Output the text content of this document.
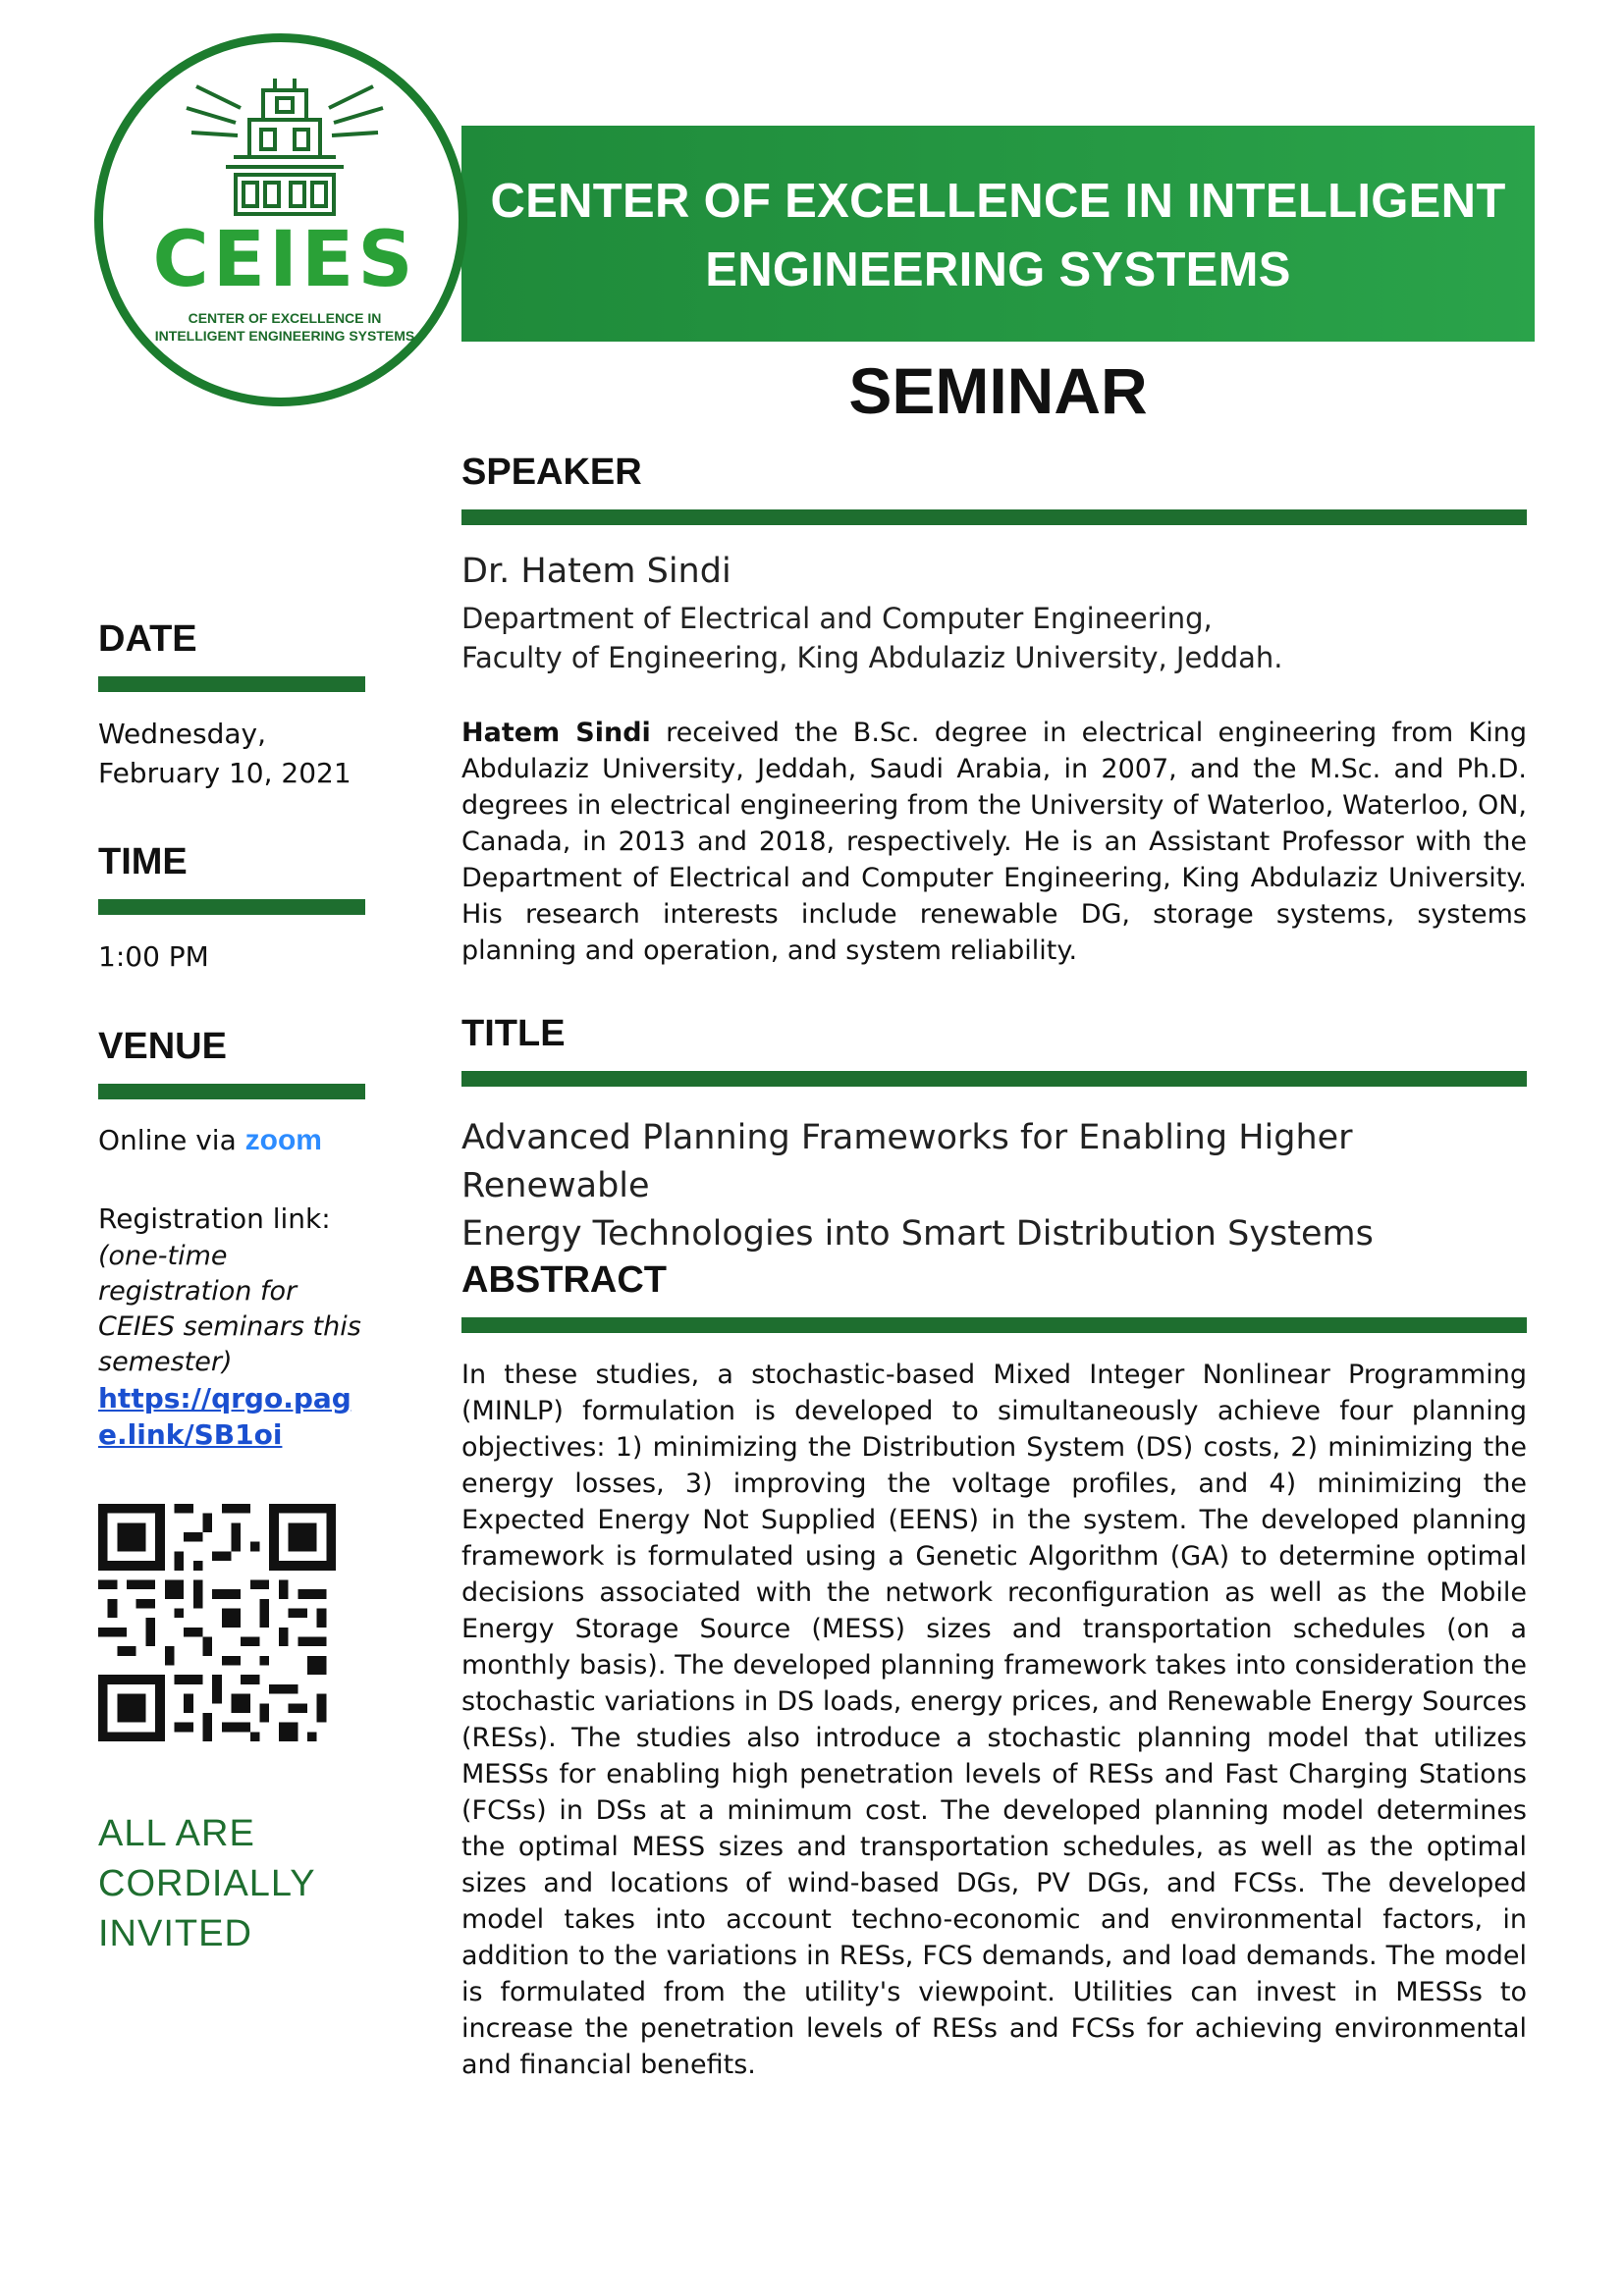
CENTER OF EXCELLENCE IN INTELLIGENT
ENGINEERING SYSTEMS
CEIES
CENTER OF EXCELLENCE IN
INTELLIGENT ENGINEERING SYSTEMS
SEMINAR
DATE
Wednesday,
February 10, 2021
TIME
1:00 PM
VENUE
Online via zoom
Registration link:
(one-time registration for CEIES seminars this semester)
https://qrgo.page.link/SB1oi
ALL ARE
CORDIALLY
INVITED
SPEAKER
Dr. Hatem Sindi
Department of Electrical and Computer Engineering,
Faculty of Engineering, King Abdulaziz University, Jeddah.
Hatem Sindi received the B.Sc. degree in electrical engineering from King Abdulaziz University, Jeddah, Saudi Arabia, in 2007, and the M.Sc. and Ph.D. degrees in electrical engineering from the University of Waterloo, Waterloo, ON, Canada, in 2013 and 2018, respectively. He is an Assistant Professor with the Department of Electrical and Computer Engineering, King Abdulaziz University. His research interests include renewable DG, storage systems, systems planning and operation, and system reliability.
TITLE
Advanced Planning Frameworks for Enabling Higher Renewable
Energy Technologies into Smart Distribution Systems
ABSTRACT
In these studies, a stochastic-based Mixed Integer Nonlinear Programming (MINLP) formulation is developed to simultaneously achieve four planning objectives: 1) minimizing the Distribution System (DS) costs, 2) minimizing the energy losses, 3) improving the voltage profiles, and 4) minimizing the Expected Energy Not Supplied (EENS) in the system. The developed planning framework is formulated using a Genetic Algorithm (GA) to determine optimal decisions associated with the network reconfiguration as well as the Mobile Energy Storage Source (MESS) sizes and transportation schedules (on a monthly basis). The developed planning framework takes into consideration the stochastic variations in DS loads, energy prices, and Renewable Energy Sources (RESs). The studies also introduce a stochastic planning model that utilizes MESSs for enabling high penetration levels of RESs and Fast Charging Stations (FCSs) in DSs at a minimum cost. The developed planning model determines the optimal MESS sizes and transportation schedules, as well as the optimal sizes and locations of wind-based DGs, PV DGs, and FCSs. The developed model takes into account techno-economic and environmental factors, in addition to the variations in RESs, FCS demands, and load demands. The model is formulated from the utility's viewpoint. Utilities can invest in MESSs to increase the penetration levels of RESs and FCSs for achieving environmental and financial benefits.
